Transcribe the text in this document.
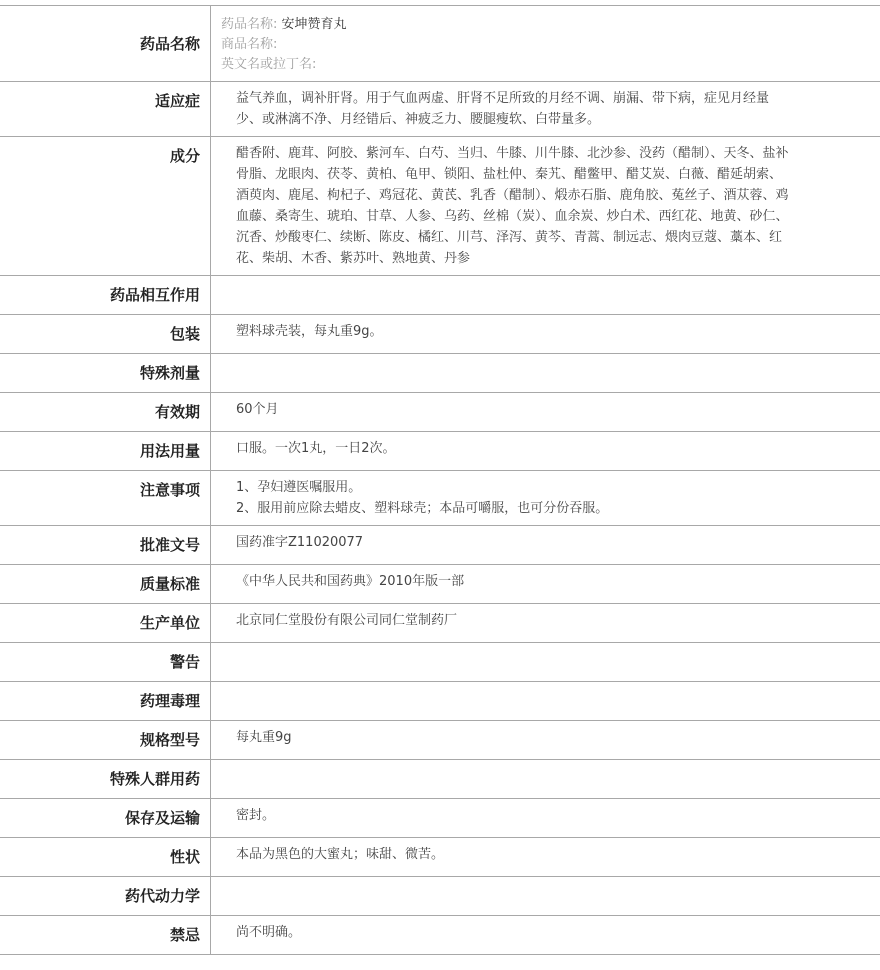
药品名称	药品名称: 安坤赞育丸
商品名称:
英文名或拉丁名:

适应症	益气养血，调补肝肾。用于气血两虚、肝肾不足所致的月经不调、崩漏、带下病，症见月经量少、或淋漓不净、月经错后、神疲乏力、腰腿瘦软、白带量多。
成分	醋香附、鹿茸、阿胶、紫河车、白芍、当归、牛膝、川牛膝、北沙参、没药（醋制）、天冬、盐补骨脂、龙眼肉、茯苓、黄柏、龟甲、锁阳、盐杜仲、秦艽、醋鳖甲、醋艾炭、白薇、醋延胡索、酒萸肉、鹿尾、枸杞子、鸡冠花、黄芪、乳香（醋制）、煅赤石脂、鹿角胶、菟丝子、酒苁蓉、鸡血藤、桑寄生、琥珀、甘草、人参、乌药、丝棉（炭）、血余炭、炒白术、西红花、地黄、砂仁、沉香、炒酸枣仁、续断、陈皮、橘红、川芎、泽泻、黄芩、青蒿、制远志、煨肉豆蔻、藁本、红花、柴胡、木香、紫苏叶、熟地黄、丹参
药品相互作用	
包装	塑料球壳装，每丸重9g。
特殊剂量	
有效期	60个月
用法用量	口服。一次1丸，一日2次。
注意事项	1、孕妇遵医嘱服用。
2、服用前应除去蜡皮、塑料球壳；本品可嚼服，也可分份吞服。

批准文号	国药准字Z11020077
质量标准	《中华人民共和国药典》2010年版一部
生产单位	北京同仁堂股份有限公司同仁堂制药厂
警告	
药理毒理	
规格型号	每丸重9g
特殊人群用药	
保存及运输	密封。
性状	本品为黑色的大蜜丸；味甜、微苦。
药代动力学	
禁忌	尚不明确。
